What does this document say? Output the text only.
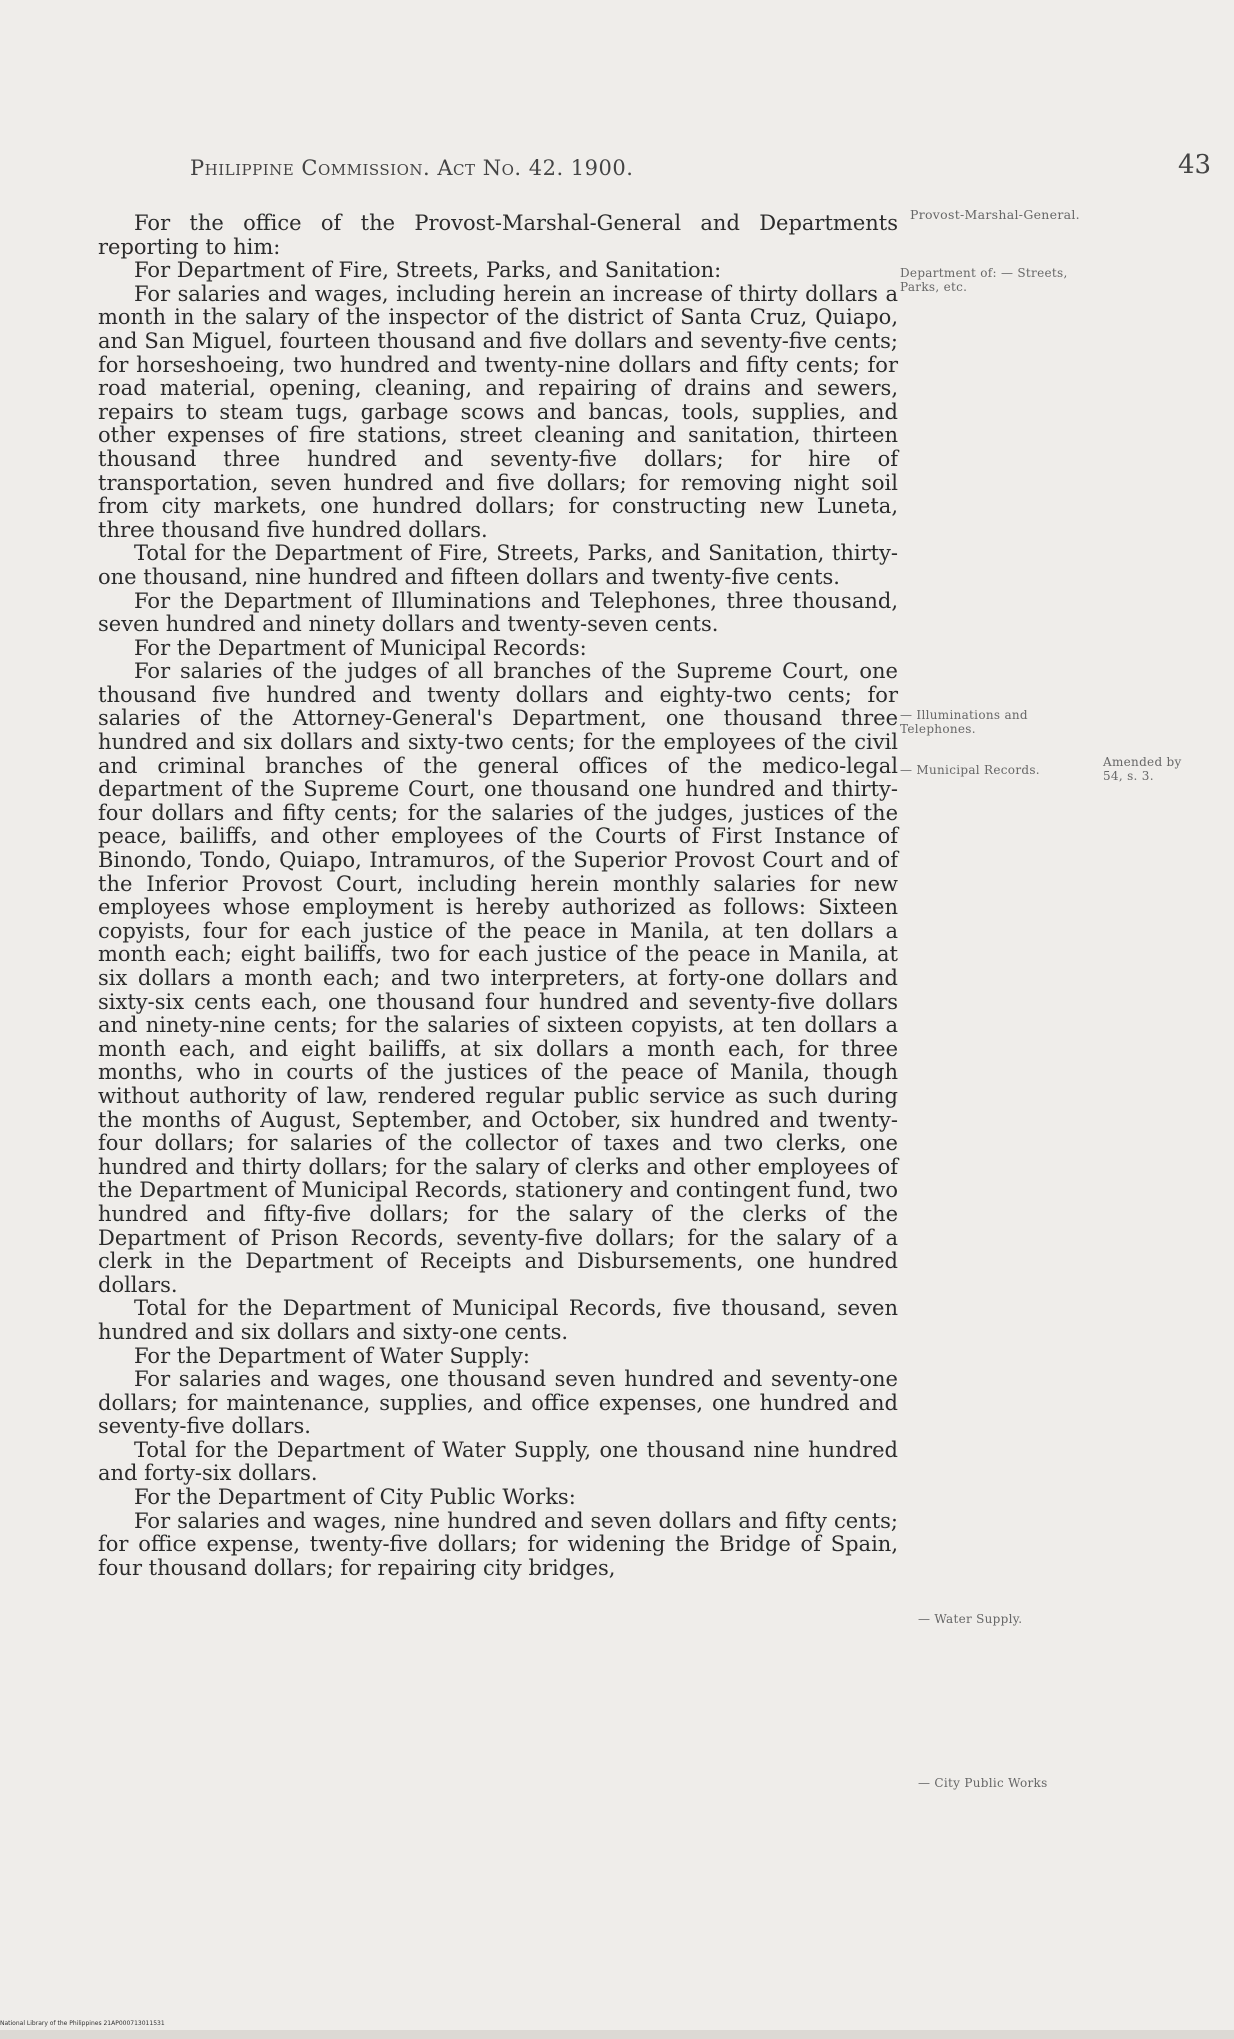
Philippine Commission. Act No. 42. 1900.	43

For the office of the Provost-Marshal-General and Departments reporting to him:

For Department of Fire, Streets, Parks, and Sanitation:

For salaries and wages, including herein an increase of thirty dollars a month in the salary of the inspector of the district of Santa Cruz, Quiapo, and San Miguel, fourteen thousand and five dollars and seventy-five cents; for horseshoeing, two hundred and twenty-nine dollars and fifty cents; for road material, opening, cleaning, and repairing of drains and sewers, repairs to steam tugs, garbage scows and bancas, tools, supplies, and other expenses of fire stations, street cleaning and sanitation, thirteen thousand three hundred and seventy-five dollars; for hire of transportation, seven hundred and five dollars; for removing night soil from city markets, one hundred dollars; for constructing new Luneta, three thousand five hundred dollars.

Total for the Department of Fire, Streets, Parks, and Sanitation, thirty-one thousand, nine hundred and fifteen dollars and twenty-five cents.

For the Department of Illuminations and Telephones, three thousand, seven hundred and ninety dollars and twenty-seven cents.

For the Department of Municipal Records:

For salaries of the judges of all branches of the Supreme Court, one thousand five hundred and twenty dollars and eighty-two cents; for salaries of the Attorney-General's Department, one thousand three hundred and six dollars and sixty-two cents; for the employees of the civil and criminal branches of the general offices of the medico-legal department of the Supreme Court, one thousand one hundred and thirty-four dollars and fifty cents; for the salaries of the judges, justices of the peace, bailiffs, and other employees of the Courts of First Instance of Binondo, Tondo, Quiapo, Intramuros, of the Superior Provost Court and of the Inferior Provost Court, including herein monthly salaries for new employees whose employment is hereby authorized as follows: Sixteen copyists, four for each justice of the peace in Manila, at ten dollars a month each; eight bailiffs, two for each justice of the peace in Manila, at six dollars a month each; and two interpreters, at forty-one dollars and sixty-six cents each, one thousand four hundred and seventy-five dollars and ninety-nine cents; for the salaries of sixteen copyists, at ten dollars a month each, and eight bailiffs, at six dollars a month each, for three months, who in courts of the justices of the peace of Manila, though without authority of law, rendered regular public service as such during the months of August, September, and October, six hundred and twenty-four dollars; for salaries of the collector of taxes and two clerks, one hundred and thirty dollars; for the salary of clerks and other employees of the Department of Municipal Records, stationery and contingent fund, two hundred and fifty-five dollars; for the salary of the clerks of the Department of Prison Records, seventy-five dollars; for the salary of a clerk in the Department of Receipts and Disbursements, one hundred dollars.

Total for the Department of Municipal Records, five thousand, seven hundred and six dollars and sixty-one cents.

For the Department of Water Supply:

For salaries and wages, one thousand seven hundred and seventy-one dollars; for maintenance, supplies, and office expenses, one hundred and seventy-five dollars.

Total for the Department of Water Supply, one thousand nine hundred and forty-six dollars.

For the Department of City Public Works:

For salaries and wages, nine hundred and seven dollars and fifty cents; for office expense, twenty-five dollars; for widening the Bridge of Spain, four thousand dollars; for repairing city bridges,

Provost-Marshal-General.
Department of: — Streets, Parks, etc.
— Illuminations and Telephones.
— Municipal Records.
Amended by 54, s. 3.
— Water Supply.
— City Public Works
National Library of the Philippines 21AP000713011531
